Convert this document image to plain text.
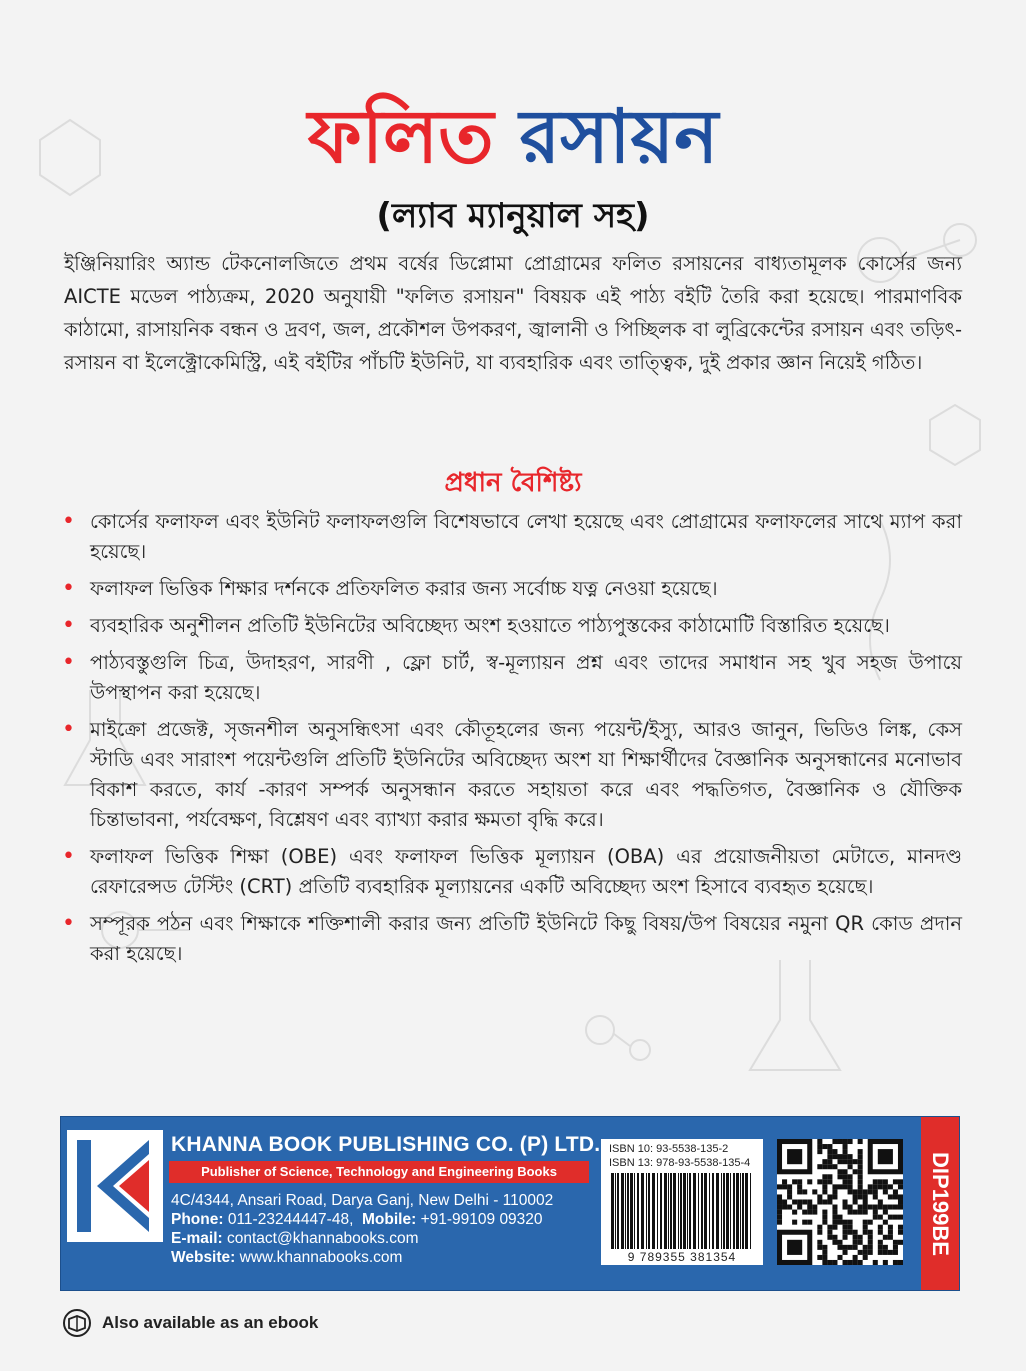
ফলিত রসায়ন
(ল্যাব ম্যানুয়াল সহ)

ইঞ্জিনিয়ারিং অ্যান্ড টেকনোলজিতে প্রথম বর্ষের ডিপ্লোমা প্রোগ্রামের ফলিত রসায়নের বাধ্যতামূলক কোর্সের জন্য AICTE মডেল পাঠ্যক্রম, 2020 অনুযায়ী "ফলিত রসায়ন" বিষয়ক এই পাঠ্য বইটি তৈরি করা হয়েছে। পারমাণবিক কাঠামো, রাসায়নিক বন্ধন ও দ্রবণ, জল, প্রকৌশল উপকরণ, জ্বালানী ও পিচ্ছিলক বা লুব্রিকেন্টের রসায়ন এবং তড়িৎ-রসায়ন বা ইলেক্ট্রোকেমিস্ট্রি, এই বইটির পাঁচটি ইউনিট, যা ব্যবহারিক এবং তাত্ত্বিক, দুই প্রকার জ্ঞান নিয়েই গঠিত।

প্রধান বৈশিষ্ট্য
• কোর্সের ফলাফল এবং ইউনিট ফলাফলগুলি বিশেষভাবে লেখা হয়েছে এবং প্রোগ্রামের ফলাফলের সাথে ম্যাপ করা হয়েছে।
• ফলাফল ভিত্তিক শিক্ষার দর্শনকে প্রতিফলিত করার জন্য সর্বোচ্চ যত্ন নেওয়া হয়েছে।
• ব্যবহারিক অনুশীলন প্রতিটি ইউনিটের অবিচ্ছেদ্য অংশ হওয়াতে পাঠ্যপুস্তকের কাঠামোটি বিস্তারিত হয়েছে।
• পাঠ্যবস্তুগুলি চিত্র, উদাহরণ, সারণী , ফ্লো চার্ট, স্ব-মূল্যায়ন প্রশ্ন এবং তাদের সমাধান সহ খুব সহজ উপায়ে উপস্থাপন করা হয়েছে।
• মাইক্রো প্রজেক্ট, সৃজনশীল অনুসন্ধিৎসা এবং কৌতূহলের জন্য পয়েন্ট/ইস্যু, আরও জানুন, ভিডিও লিঙ্ক, কেস স্টাডি এবং সারাংশ পয়েন্টগুলি প্রতিটি ইউনিটের অবিচ্ছেদ্য অংশ যা শিক্ষার্থীদের বৈজ্ঞানিক অনুসন্ধানের মনোভাব বিকাশ করতে, কার্য -কারণ সম্পর্ক অনুসন্ধান করতে সহায়তা করে এবং পদ্ধতিগত, বৈজ্ঞানিক ও যৌক্তিক চিন্তাভাবনা, পর্যবেক্ষণ, বিশ্লেষণ এবং ব্যাখ্যা করার ক্ষমতা বৃদ্ধি করে।
• ফলাফল ভিত্তিক শিক্ষা (OBE) এবং ফলাফল ভিত্তিক মূল্যায়ন (OBA) এর প্রয়োজনীয়তা মেটাতে, মানদণ্ড রেফারেন্সড টেস্টিং (CRT) প্রতিটি ব্যবহারিক মূল্যায়নের একটি অবিচ্ছেদ্য অংশ হিসাবে ব্যবহৃত হয়েছে।
• সম্পূরক পঠন এবং শিক্ষাকে শক্তিশালী করার জন্য প্রতিটি ইউনিটে কিছু বিষয়/উপ বিষয়ের নমুনা QR কোড প্রদান করা হয়েছে।
KHANNA BOOK PUBLISHING CO. (P) LTD.
Publisher of Science, Technology and Engineering Books
4C/4344, Ansari Road, Darya Ganj, New Delhi - 110002
Phone: 011-23244447-48, Mobile: +91-99109 09320
E-mail: contact@khannabooks.com
Website: www.khannabooks.com
ISBN 10: 93-5538-135-2
ISBN 13: 978-93-5538-135-4
9 789355 381354
DIP199BE
Also available as an ebook
